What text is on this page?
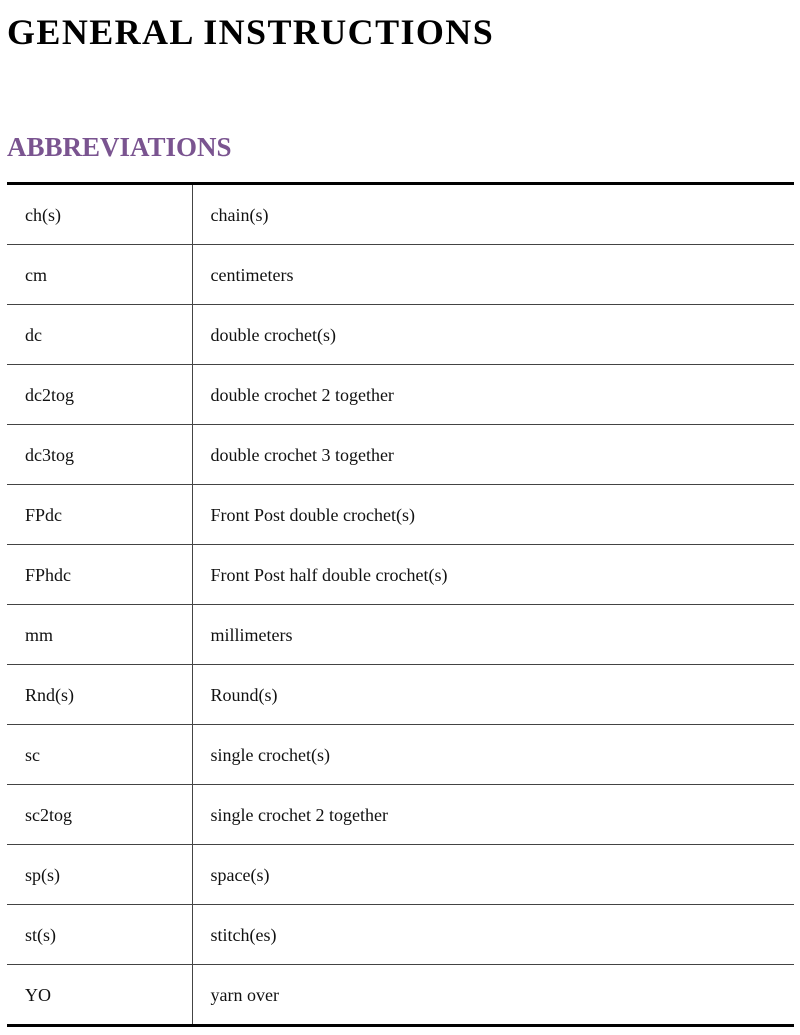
GENERAL INSTRUCTIONS
ABBREVIATIONS
ch(s)	chain(s)
cm	centimeters
dc	double crochet(s)
dc2tog	double crochet 2 together
dc3tog	double crochet 3 together
FPdc	Front Post double crochet(s)
FPhdc	Front Post half double crochet(s)
mm	millimeters
Rnd(s)	Round(s)
sc	single crochet(s)
sc2tog	single crochet 2 together
sp(s)	space(s)
st(s)	stitch(es)
YO	yarn over
